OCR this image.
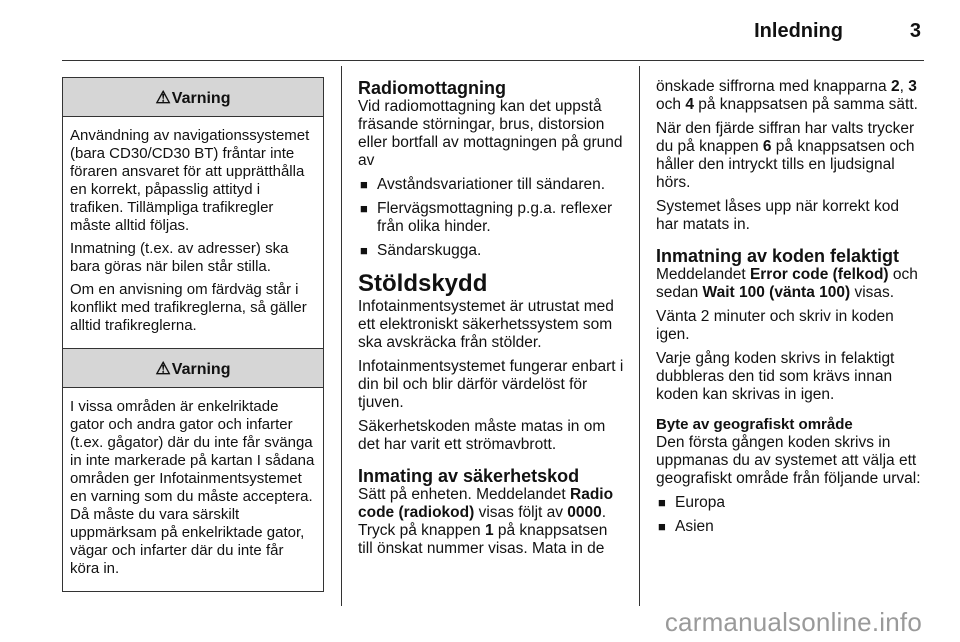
Inledning	3
⚠Varning

Användning av navigationssystemet (bara CD30/CD30 BT) fråntar inte föraren ansvaret för att upprätthålla en korrekt, påpasslig attityd i trafiken. Tillämpliga trafikregler måste alltid följas.

Inmatning (t.ex. av adresser) ska bara göras när bilen står stilla.

Om en anvisning om färdväg står i konflikt med trafikreglerna, så gäller alltid trafikreglerna.

⚠Varning

I vissa områden är enkelriktade gator och andra gator och infarter (t.ex. gågator) där du inte får svänga in inte markerade på kartan I sådana områden ger Infotainmentsystemet en varning som du måste acceptera. Då måste du vara särskilt uppmärksam på enkelriktade gator, vägar och infarter där du inte får köra in.

Radiomottagning

Vid radiomottagning kan det uppstå fräsande störningar, brus, distorsion eller bortfall av mottagningen på grund av

■ Avståndsvariationer till sändaren.
■ Flervägsmottagning p.g.a. reflexer från olika hinder.
■ Sändarskugga.
Stöldskydd

Infotainmentsystemet är utrustat med ett elektroniskt säkerhetssystem som ska avskräcka från stölder.

Infotainmentsystemet fungerar enbart i din bil och blir därför värdelöst för tjuven.

Säkerhetskoden måste matas in om det har varit ett strömavbrott.

Inmating av säkerhetskod

Sätt på enheten. Meddelandet Radio code (radiokod) visas följt av 0000. Tryck på knappen 1 på knappsatsen till önskat nummer visas. Mata in de

önskade siffrorna med knapparna 2, 3 och 4 på knappsatsen på samma sätt.

När den fjärde siffran har valts trycker du på knappen 6 på knappsatsen och håller den intryckt tills en ljudsignal hörs.

Systemet låses upp när korrekt kod har matats in.

Inmatning av koden felaktigt

Meddelandet Error code (felkod) och sedan Wait 100 (vänta 100) visas.

Vänta 2 minuter och skriv in koden igen.

Varje gång koden skrivs in felaktigt dubbleras den tid som krävs innan koden kan skrivas in igen.

Byte av geografiskt område

Den första gången koden skrivs in uppmanas du av systemet att välja ett geografiskt område från följande urval:

■ Europa
■ Asien
carmanualsonline.info
